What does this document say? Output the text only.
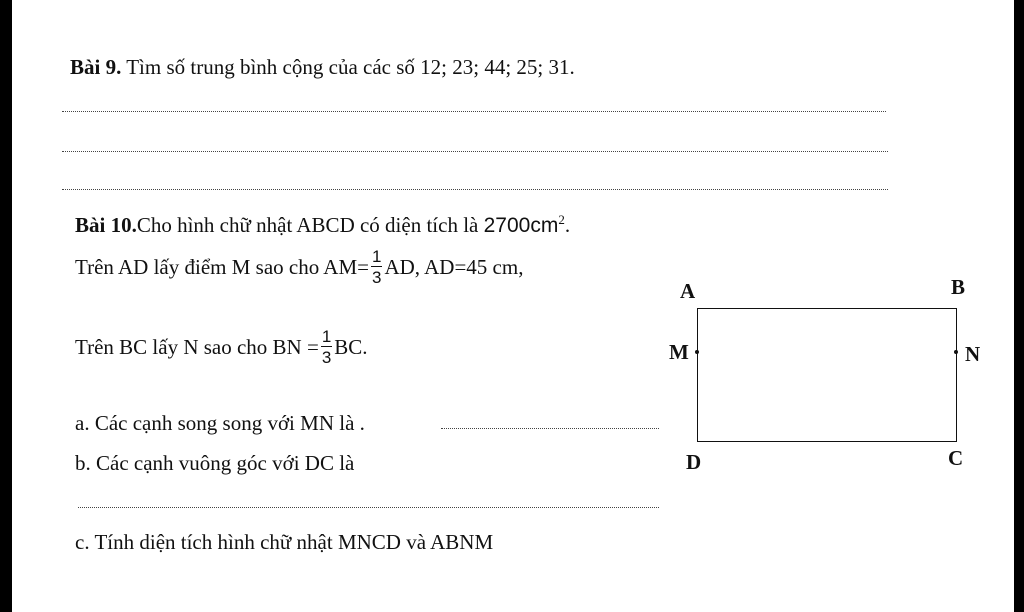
Bài 9. Tìm số trung bình cộng của các số 12; 23; 44; 25; 31.
Bài 10.Cho hình chữ nhật ABCD có diện tích là $2700cm^2$.
Trên AD lấy điểm M sao cho $AM= \frac{1}{3}$ AD, AD=45 cm,
Trên BC lấy N sao cho BN = $\frac{1}{3}$ BC.
a. Các cạnh song song với MN là .
b. Các cạnh vuông góc với DC là
c. Tính diện tích hình chữ nhật MNCD và ABNM
A	B
C
D
M	N
